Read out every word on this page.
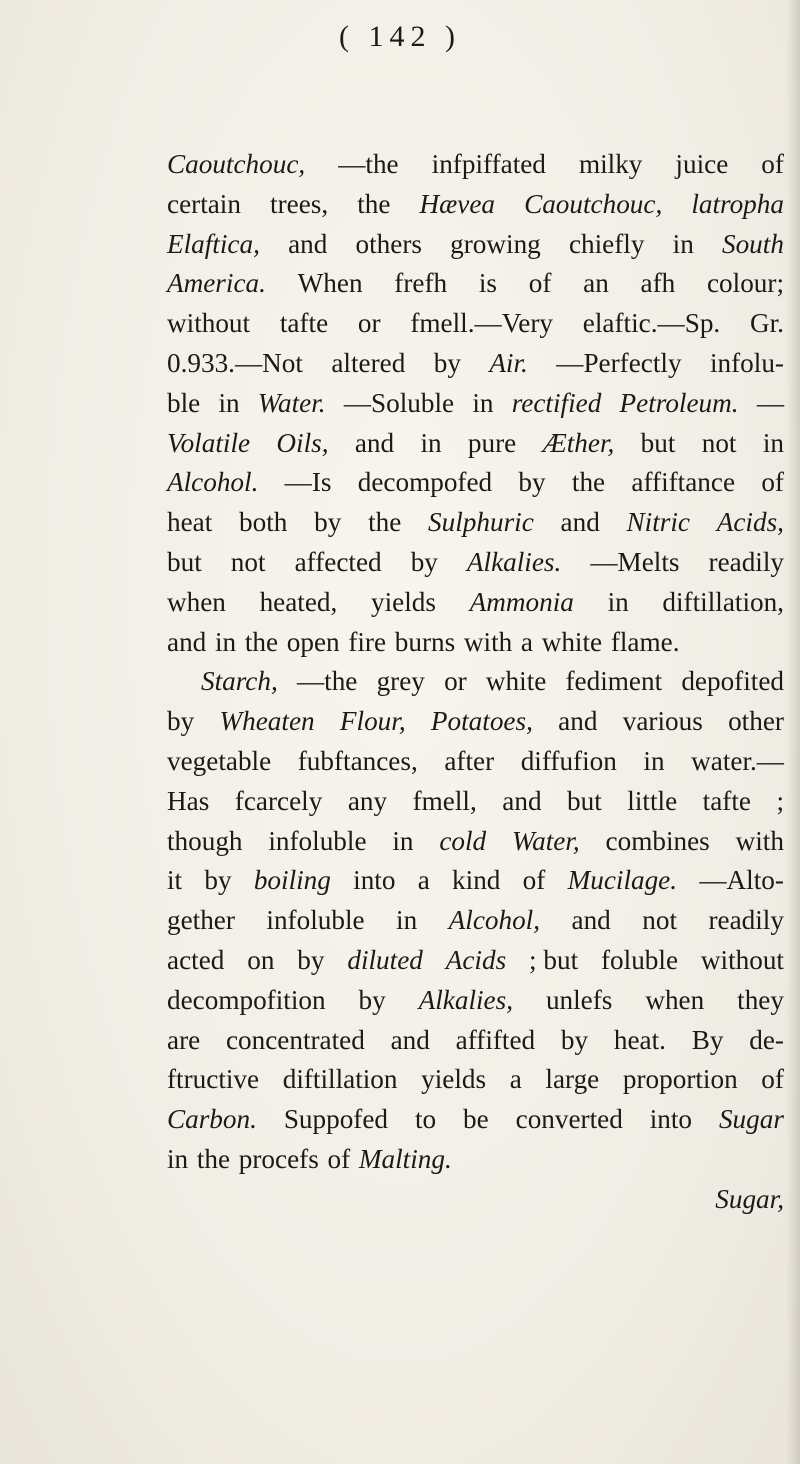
( 142 )
Caoutchouc, —the infpiffated milky juice of
certain trees, the Hævea Caoutchouc, latropha
Elaftica, and others growing chiefly in South
America. When frefh is of an afh colour;
without tafte or fmell.—Very elaftic.—Sp. Gr.
0.933.—Not altered by Air. —Perfectly infolu-
ble in Water. —Soluble in rectified Petroleum. —
Volatile Oils, and in pure Æther, but not in
Alcohol. —Is decompofed by the affiftance of
heat both by the Sulphuric and Nitric Acids,
but not affected by Alkalies. —Melts readily
when heated, yields Ammonia in diftillation,
and in the open fire burns with a white flame.
Starch, —the grey or white fediment depofited
by Wheaten Flour, Potatoes, and various other
vegetable fubftances, after diffufion in water.—
Has fcarcely any fmell, and but little tafte ;
though infoluble in cold Water, combines with
it by boiling into a kind of Mucilage. —Alto-
gether infoluble in Alcohol, and not readily
acted on by diluted Acids ; but foluble without
decompofition by Alkalies, unlefs when they
are concentrated and affifted by heat. By de-
ftructive diftillation yields a large proportion of
Carbon. Suppofed to be converted into Sugar
in the procefs of Malting.
Sugar,
